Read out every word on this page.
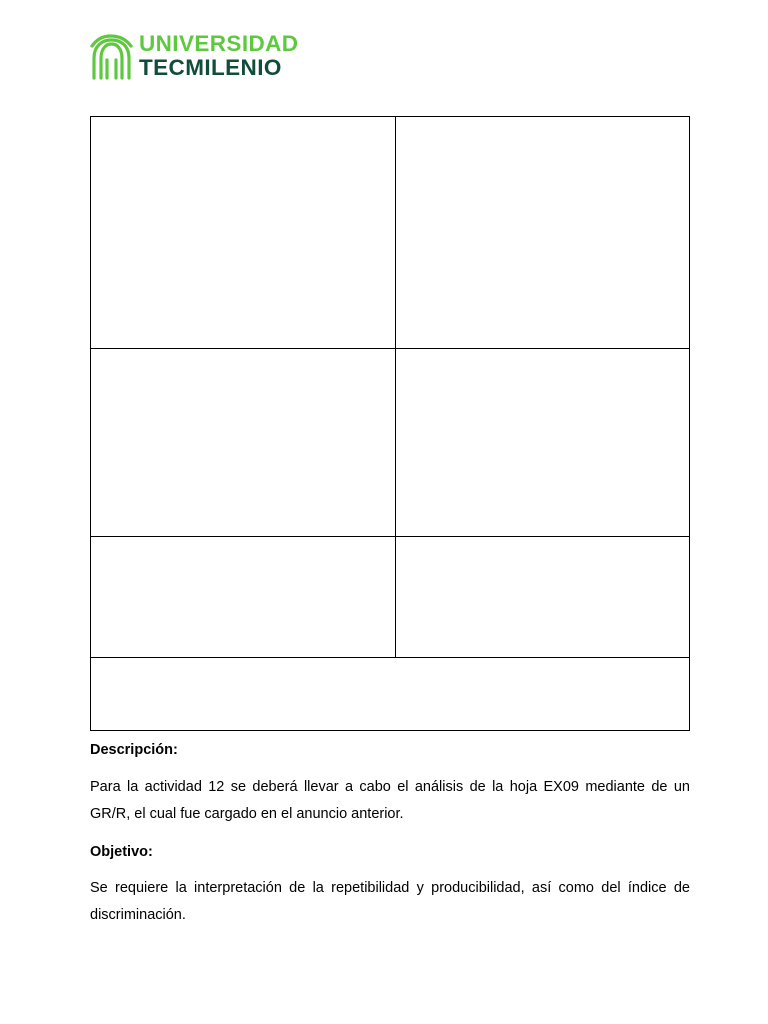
UNIVERSIDAD
TECMILENIO
Descripción:
Para la actividad 12 se deberá llevar a cabo el análisis de la hoja EX09 mediante de un GR/R, el cual fue cargado en el anuncio anterior.
Objetivo:
Se requiere la interpretación de la repetibilidad y producibilidad, así como del índice de discriminación.
